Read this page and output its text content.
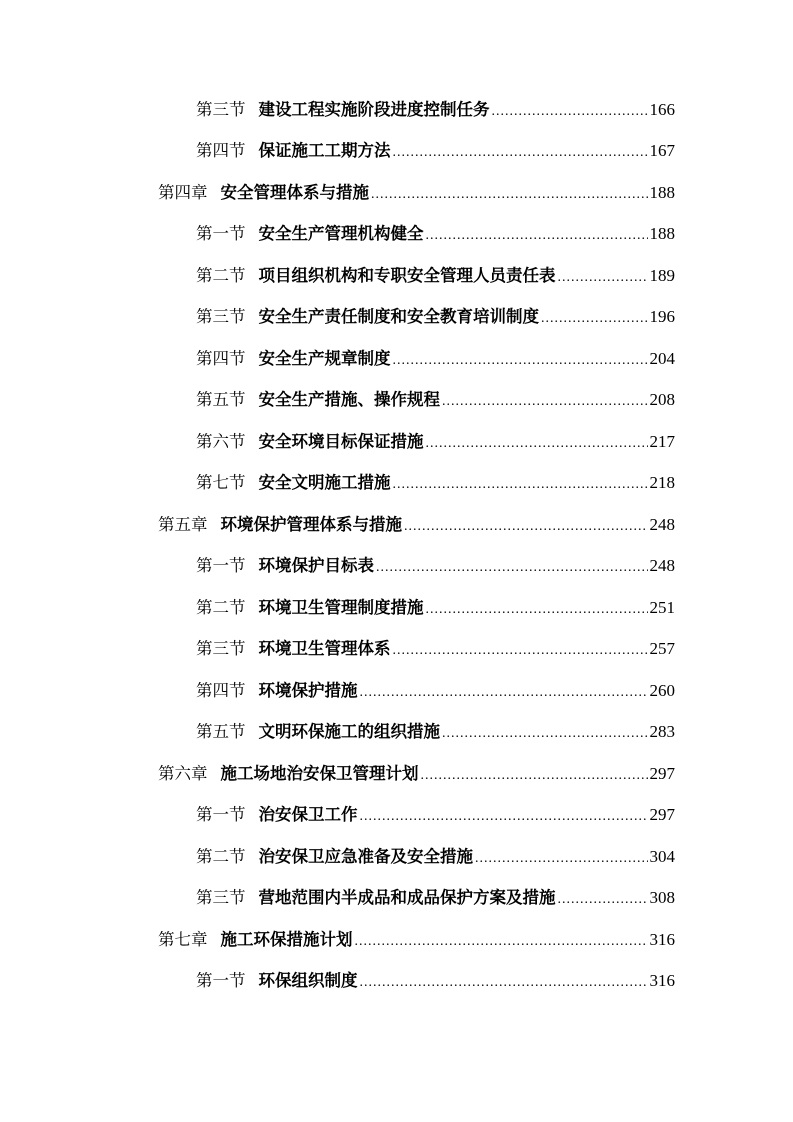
第三节 建设工程实施阶段进度控制任务 .....	166
第四节 保证施工工期方法 .....	167
第四章 安全管理体系与措施 .....	188
第一节 安全生产管理机构健全 .....	188
第二节 项目组织机构和专职安全管理人员责任表 .....	189
第三节 安全生产责任制度和安全教育培训制度 .....	196
第四节 安全生产规章制度 .....	204
第五节 安全生产措施、操作规程 .....	208
第六节 安全环境目标保证措施 .....	217
第七节 安全文明施工措施 .....	218
第五章 环境保护管理体系与措施 .....	248
第一节 环境保护目标表 .....	248
第二节 环境卫生管理制度措施 .....	251
第三节 环境卫生管理体系 .....	257
第四节 环境保护措施 .....	260
第五节 文明环保施工的组织措施 .....	283
第六章 施工场地治安保卫管理计划 .....	297
第一节 治安保卫工作 .....	297
第二节 治安保卫应急准备及安全措施 .....	304
第三节 营地范围内半成品和成品保护方案及措施 .....	308
第七章 施工环保措施计划 .....	316
第一节 环保组织制度 .....	316
